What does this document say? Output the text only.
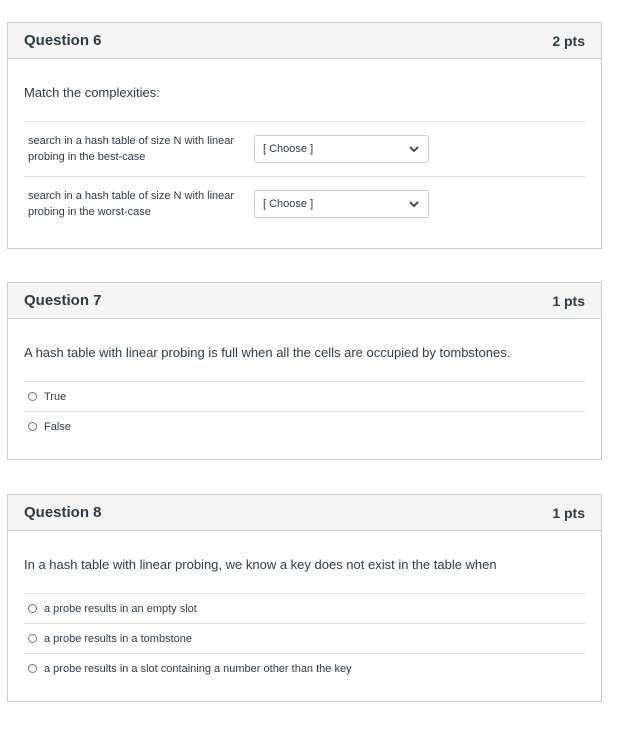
Question 6	2 pts
Match the complexities:
search in a hash table of size N with linear
probing in the best-case
[ Choose ]
search in a hash table of size N with linear
probing in the worst-case
[ Choose ]
Question 7	1 pts
A hash table with linear probing is full when all the cells are occupied by tombstones.
True
False
Question 8	1 pts
In a hash table with linear probing, we know a key does not exist in the table when
a probe results in an empty slot
a probe results in a tombstone
a probe results in a slot containing a number other than the key
